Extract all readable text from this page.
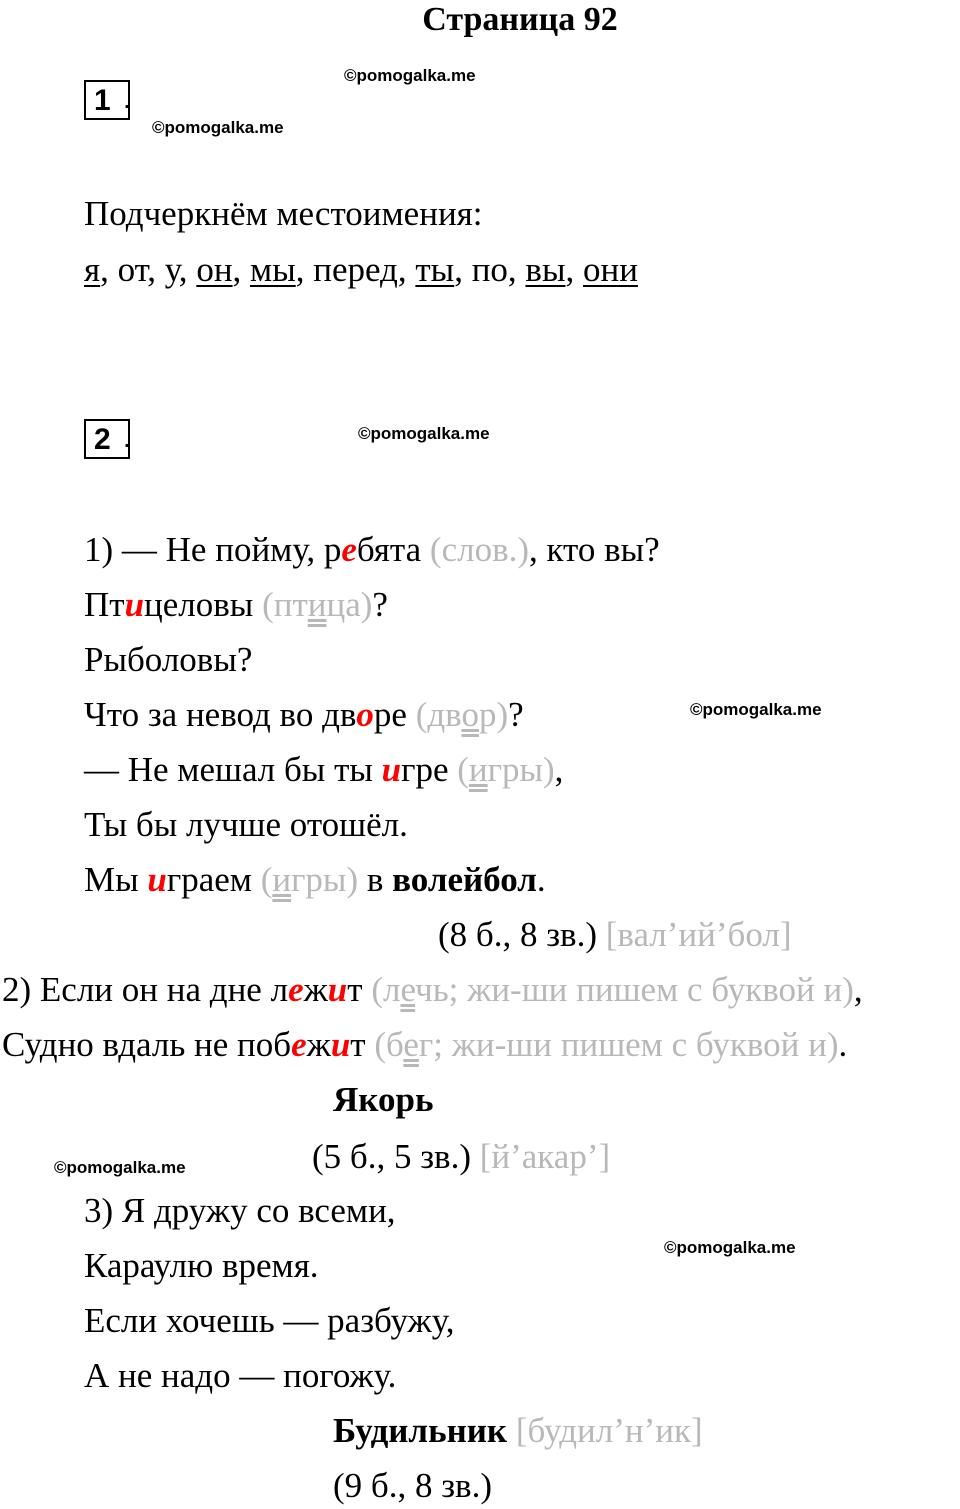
Страница 92
©pomogalka.me
©pomogalka.me
©pomogalka.me
©pomogalka.me
©pomogalka.me
©pomogalka.me
1 .
Подчеркнём местоимения:
я, от, у, он, мы, перед, ты, по, вы, они
2 .
1) — Не пойму, ребята (слов.), кто вы?
Птицеловы (птица)?
Рыболовы?
Что за невод во дворе (двор)?
— Не мешал бы ты игре (игры),
Ты бы лучше отошёл.
Мы играем (игры) в волейбол.
(8 б., 8 зв.) [вал’ий’бол]
2) Если он на дне лежит (лечь; жи-ши пишем с буквой и),
Судно вдаль не побежит (бег; жи-ши пишем с буквой и).
Якорь
(5 б., 5 зв.) [й’акар’]
3) Я дружу со всеми,
Караулю время.
Если хочешь — разбужу,
А не надо — погожу.
Будильник [будил’н’ик]
(9 б., 8 зв.)
